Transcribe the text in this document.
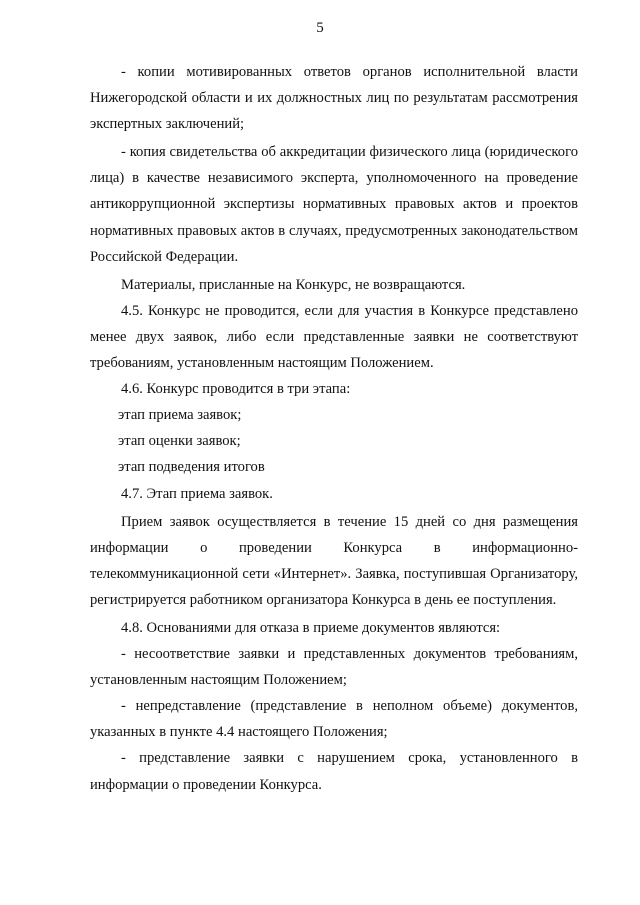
5

- копии мотивированных ответов органов исполнительной власти Нижегородской области и их должностных лиц по результатам рассмотрения экспертных заключений;

- копия свидетельства об аккредитации физического лица (юридического лица) в качестве независимого эксперта, уполномоченного на проведение антикоррупционной экспертизы нормативных правовых актов и проектов нормативных правовых актов в случаях, предусмотренных законодательством Российской Федерации.

Материалы, присланные на Конкурс, не возвращаются.

4.5. Конкурс не проводится, если для участия в Конкурсе представлено менее двух заявок, либо если представленные заявки не соответствуют требованиям, установленным настоящим Положением.

4.6. Конкурс проводится в три этапа:

этап приема заявок;

этап оценки заявок;

этап подведения итогов

4.7. Этап приема заявок.

Прием заявок осуществляется в течение 15 дней со дня размещения информации о проведении Конкурса в информационно-телекоммуникационной сети «Интернет». Заявка, поступившая Организатору, регистрируется работником организатора Конкурса в день ее поступления.

4.8. Основаниями для отказа в приеме документов являются:

- несоответствие заявки и представленных документов требованиям, установленным настоящим Положением;

- непредставление (представление в неполном объеме) документов, указанных в пункте 4.4 настоящего Положения;

- представление заявки с нарушением срока, установленного в информации о проведении Конкурса.
